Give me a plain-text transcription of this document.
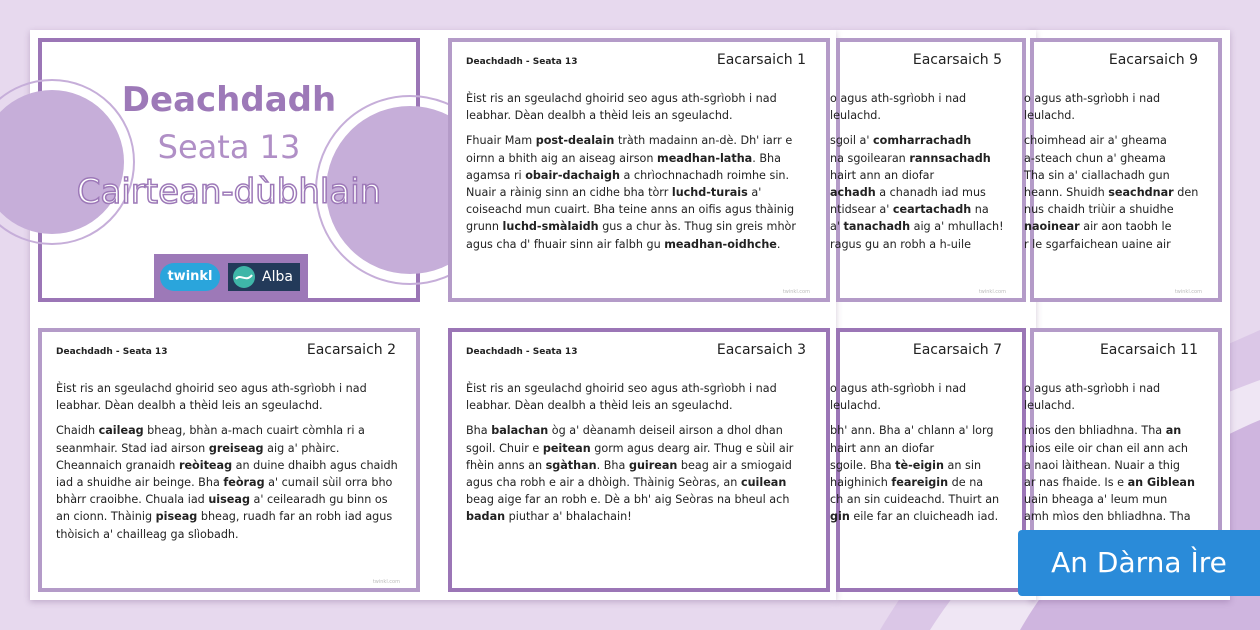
Eacarsaich 5
o agus ath-sgrìobh i nad
leulachd.
sgoil a' comharrachadh
na sgoilearan rannsachadh
hairt ann an diofar
achadh a chanadh iad mus
ntidsear a' ceartachadh na
a' tanachadh aig a' mhullach!
ragus gu an robh a h-uile
twinkl.com
Eacarsaich 7
o agus ath-sgrìobh i nad
leulachd.
bh' ann. Bha a' chlann a' lorg
hairt ann an diofar
sgoile. Bha tè-eigin an sin
haighinich feareigin de na
ch an sin cuideachd. Thuirt an
gin eile far an cluicheadh iad.
Eacarsaich 9
o agus ath-sgrìobh i nad
leulachd.
choimhead air a' gheama
a-steach chun a' gheama
Tha sin a' ciallachadh gun
heann. Shuidh seachdnar den
nus chaidh triùir a shuidhe
naoinear air aon taobh le
r le sgarfaichean uaine air
twinkl.com
Eacarsaich 11
o agus ath-sgrìobh i nad
leulachd.
mios den bhliadhna. Tha an
mios eile oir chan eil ann ach
a naoi làithean. Nuair a thig
ar nas fhaide. Is e an Giblean
uain bheaga a' leum mun
amh mìos den bhliadhna. Tha
Deachdadh
Seata 13
Cairtean-dùbhlain
twinkl	Alba
Deachdadh - Seata 13	Eacarsaich 1

Èist ris an sgeulachd ghoirid seo agus ath-sgrìobh i nad leabhar. Dèan dealbh a thèid leis an sgeulachd.

Fhuair Mam post-dealain tràth madainn an-dè. Dh' iarr e oirnn a bhith aig an aiseag airson meadhan-latha. Bha agamsa ri obair-dachaigh a chrìochnachadh roimhe sin. Nuair a ràinig sinn an cidhe bha tòrr luchd-turais a' coiseachd mun cuairt. Bha teine anns an oifis agus thàinig grunn luchd-smàlaidh gus a chur às. Thug sin greis mhòr agus cha d' fhuair sinn air falbh gu meadhan-oidhche.

twinkl.com
Deachdadh - Seata 13	Eacarsaich 2

Èist ris an sgeulachd ghoirid seo agus ath-sgrìobh i nad leabhar. Dèan dealbh a thèid leis an sgeulachd.

Chaidh caileag bheag, bhàn a-mach cuairt còmhla ri a seanmhair. Stad iad airson greiseag aig a' phàirc. Cheannaich granaidh reòiteag an duine dhaibh agus chaidh iad a shuidhe air beinge. Bha feòrag a' cumail sùil orra bho bhàrr craoibhe. Chuala iad uiseag a' ceilearadh gu binn os an cionn. Thàinig piseag bheag, ruadh far an robh iad agus thòisich a' chailleag ga slìobadh.

twinkl.com
Deachdadh - Seata 13	Eacarsaich 3

Èist ris an sgeulachd ghoirid seo agus ath-sgrìobh i nad leabhar. Dèan dealbh a thèid leis an sgeulachd.

Bha balachan òg a' dèanamh deiseil airson a dhol dhan sgoil. Chuir e peitean gorm agus dearg air. Thug e sùil air fhèin anns an sgàthan. Bha guirean beag air a smiogaid agus cha robh e air a dhòigh. Thàinig Seòras, an cuilean beag aige far an robh e. Dè a bh' aig Seòras na bheul ach badan piuthar a' bhalachain!

An Dàrna Ìre
